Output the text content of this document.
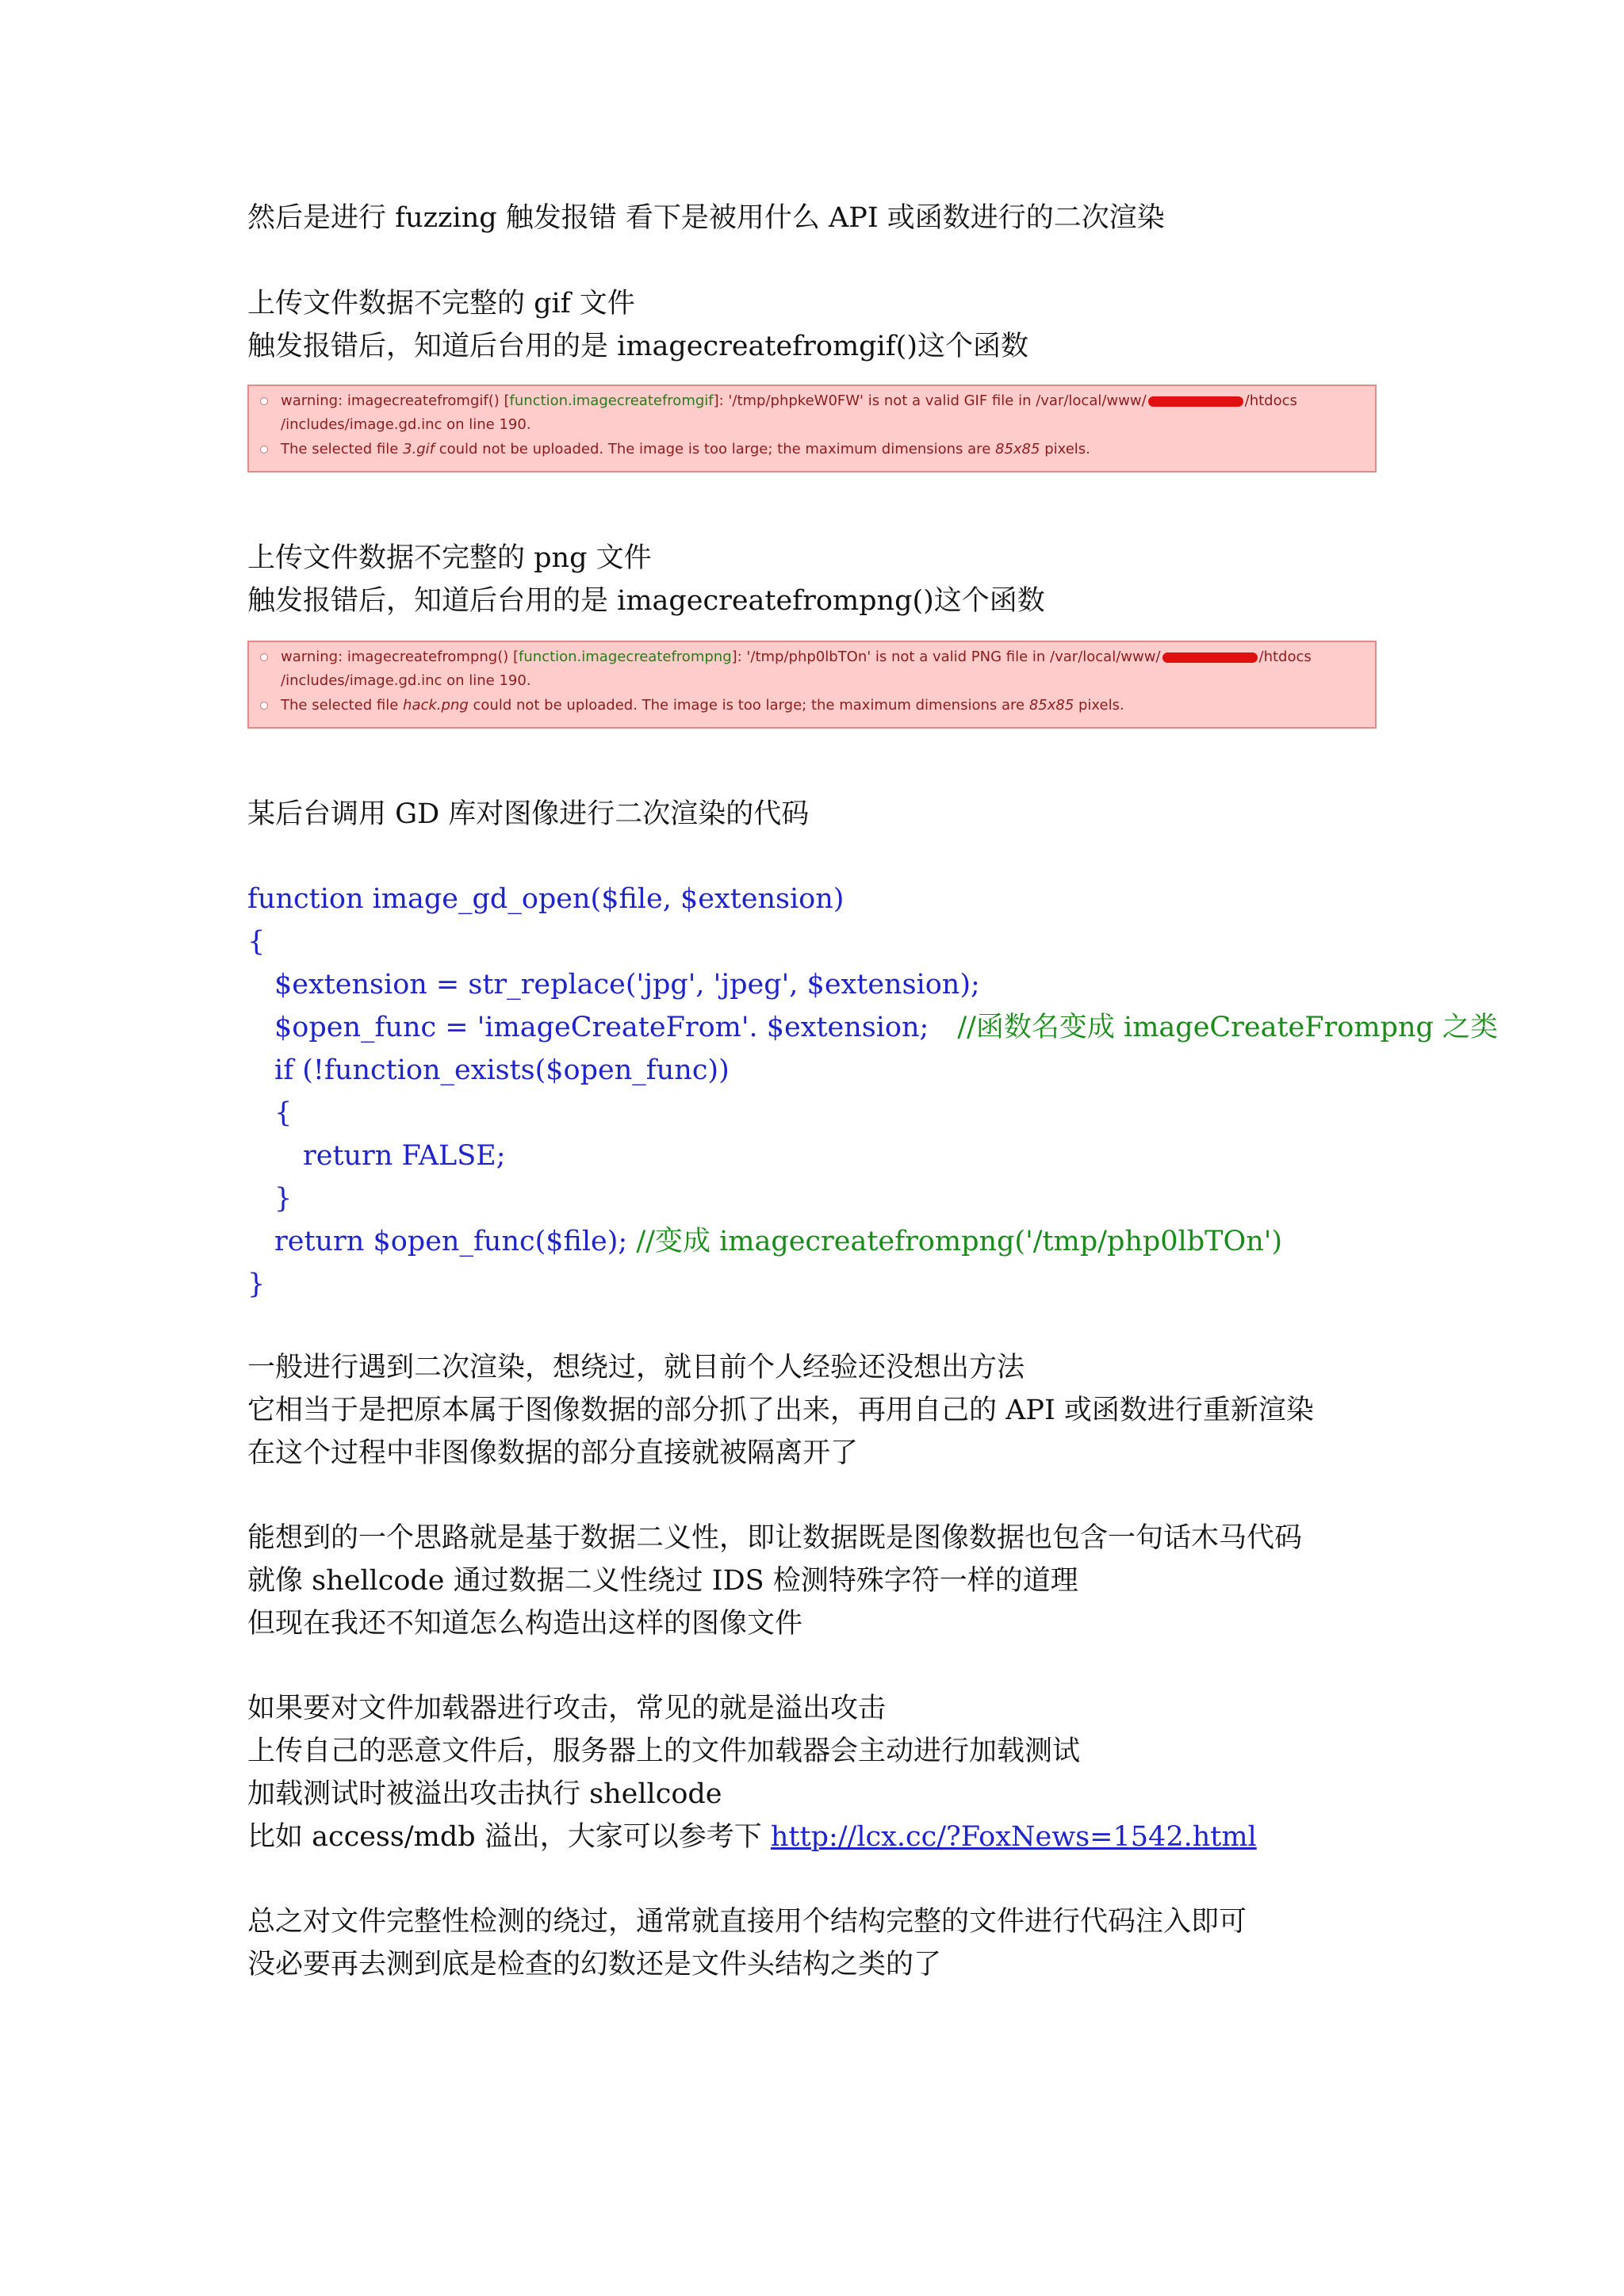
然后是进行 fuzzing 触发报错 看下是被用什么 API 或函数进行的二次渲染
上传文件数据不完整的 gif 文件
触发报错后，知道后台用的是 imagecreatefromgif()这个函数
warning: imagecreatefromgif() [function.imagecreatefromgif]: '/tmp/phpkeW0FW' is not a valid GIF file in /var/local/www/	/htdocs
/includes/image.gd.inc on line 190.
The selected file 3.gif could not be uploaded. The image is too large; the maximum dimensions are 85x85 pixels.
上传文件数据不完整的 png 文件
触发报错后，知道后台用的是 imagecreatefrompng()这个函数
warning: imagecreatefrompng() [function.imagecreatefrompng]: '/tmp/php0lbTOn' is not a valid PNG file in /var/local/www/	/htdocs
/includes/image.gd.inc on line 190.
The selected file hack.png could not be uploaded. The image is too large; the maximum dimensions are 85x85 pixels.
某后台调用 GD 库对图像进行二次渲染的代码
function image_gd_open($file, $extension)
{
$extension = str_replace('jpg', 'jpeg', $extension);
$open_func = 'imageCreateFrom'. $extension; //函数名变成 imageCreateFrompng 之类
if (!function_exists($open_func))
{
return FALSE;
}
return $open_func($file); //变成 imagecreatefrompng('/tmp/php0lbTOn')
}
一般进行遇到二次渲染，想绕过，就目前个人经验还没想出方法
它相当于是把原本属于图像数据的部分抓了出来，再用自己的 API 或函数进行重新渲染
在这个过程中非图像数据的部分直接就被隔离开了
能想到的一个思路就是基于数据二义性，即让数据既是图像数据也包含一句话木马代码
就像 shellcode 通过数据二义性绕过 IDS 检测特殊字符一样的道理
但现在我还不知道怎么构造出这样的图像文件
如果要对文件加载器进行攻击，常见的就是溢出攻击
上传自己的恶意文件后，服务器上的文件加载器会主动进行加载测试
加载测试时被溢出攻击执行 shellcode
比如 access/mdb 溢出，大家可以参考下 http://lcx.cc/?FoxNews=1542.html
总之对文件完整性检测的绕过，通常就直接用个结构完整的文件进行代码注入即可
没必要再去测到底是检查的幻数还是文件头结构之类的了
